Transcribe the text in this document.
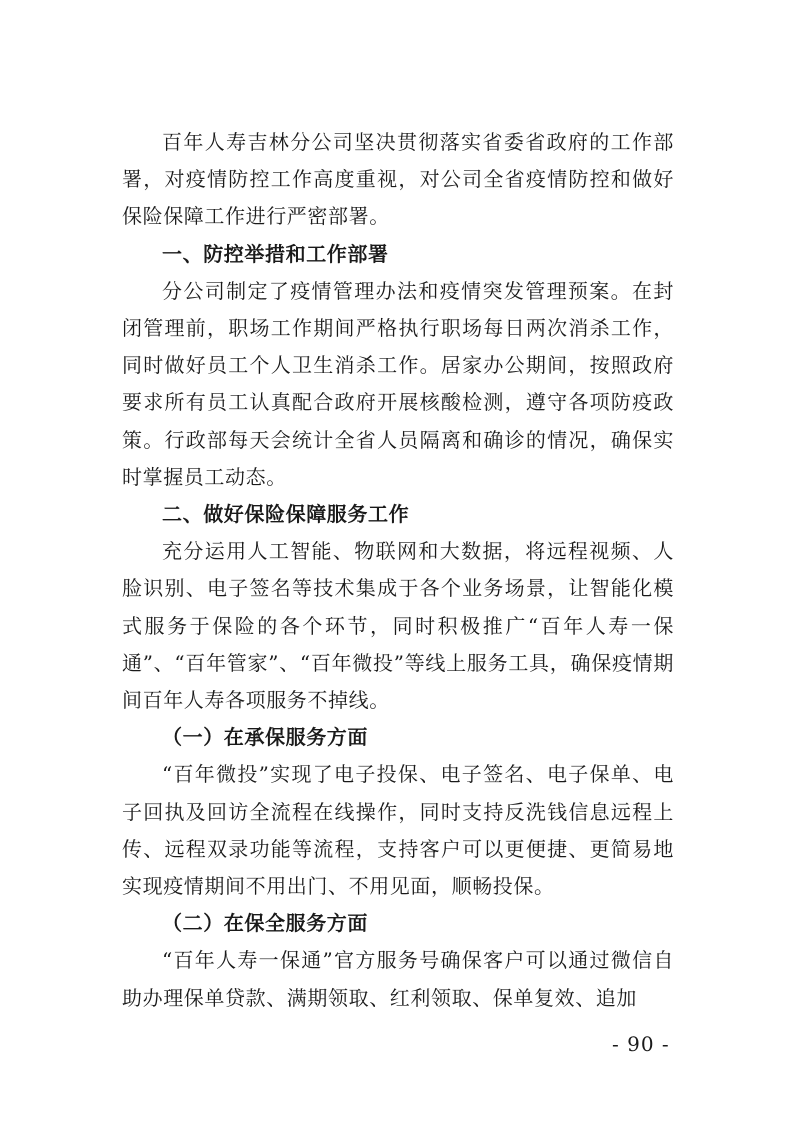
百年人寿吉林分公司坚决贯彻落实省委省政府的工作部署，对疫情防控工作高度重视，对公司全省疫情防控和做好保险保障工作进行严密部署。

一、防控举措和工作部署

分公司制定了疫情管理办法和疫情突发管理预案。在封闭管理前，职场工作期间严格执行职场每日两次消杀工作，同时做好员工个人卫生消杀工作。居家办公期间，按照政府要求所有员工认真配合政府开展核酸检测，遵守各项防疫政策。行政部每天会统计全省人员隔离和确诊的情况，确保实时掌握员工动态。

二、做好保险保障服务工作

充分运用人工智能、物联网和大数据，将远程视频、人脸识别、电子签名等技术集成于各个业务场景，让智能化模式服务于保险的各个环节，同时积极推广“百年人寿一保通”、“百年管家”、“百年微投”等线上服务工具，确保疫情期间百年人寿各项服务不掉线。

（一）在承保服务方面

“百年微投”实现了电子投保、电子签名、电子保单、电子回执及回访全流程在线操作，同时支持反洗钱信息远程上传、远程双录功能等流程，支持客户可以更便捷、更简易地实现疫情期间不用出门、不用见面，顺畅投保。

（二）在保全服务方面

“百年人寿一保通”官方服务号确保客户可以通过微信自助办理保单贷款、满期领取、红利领取、保单复效、追加

- 90 -
